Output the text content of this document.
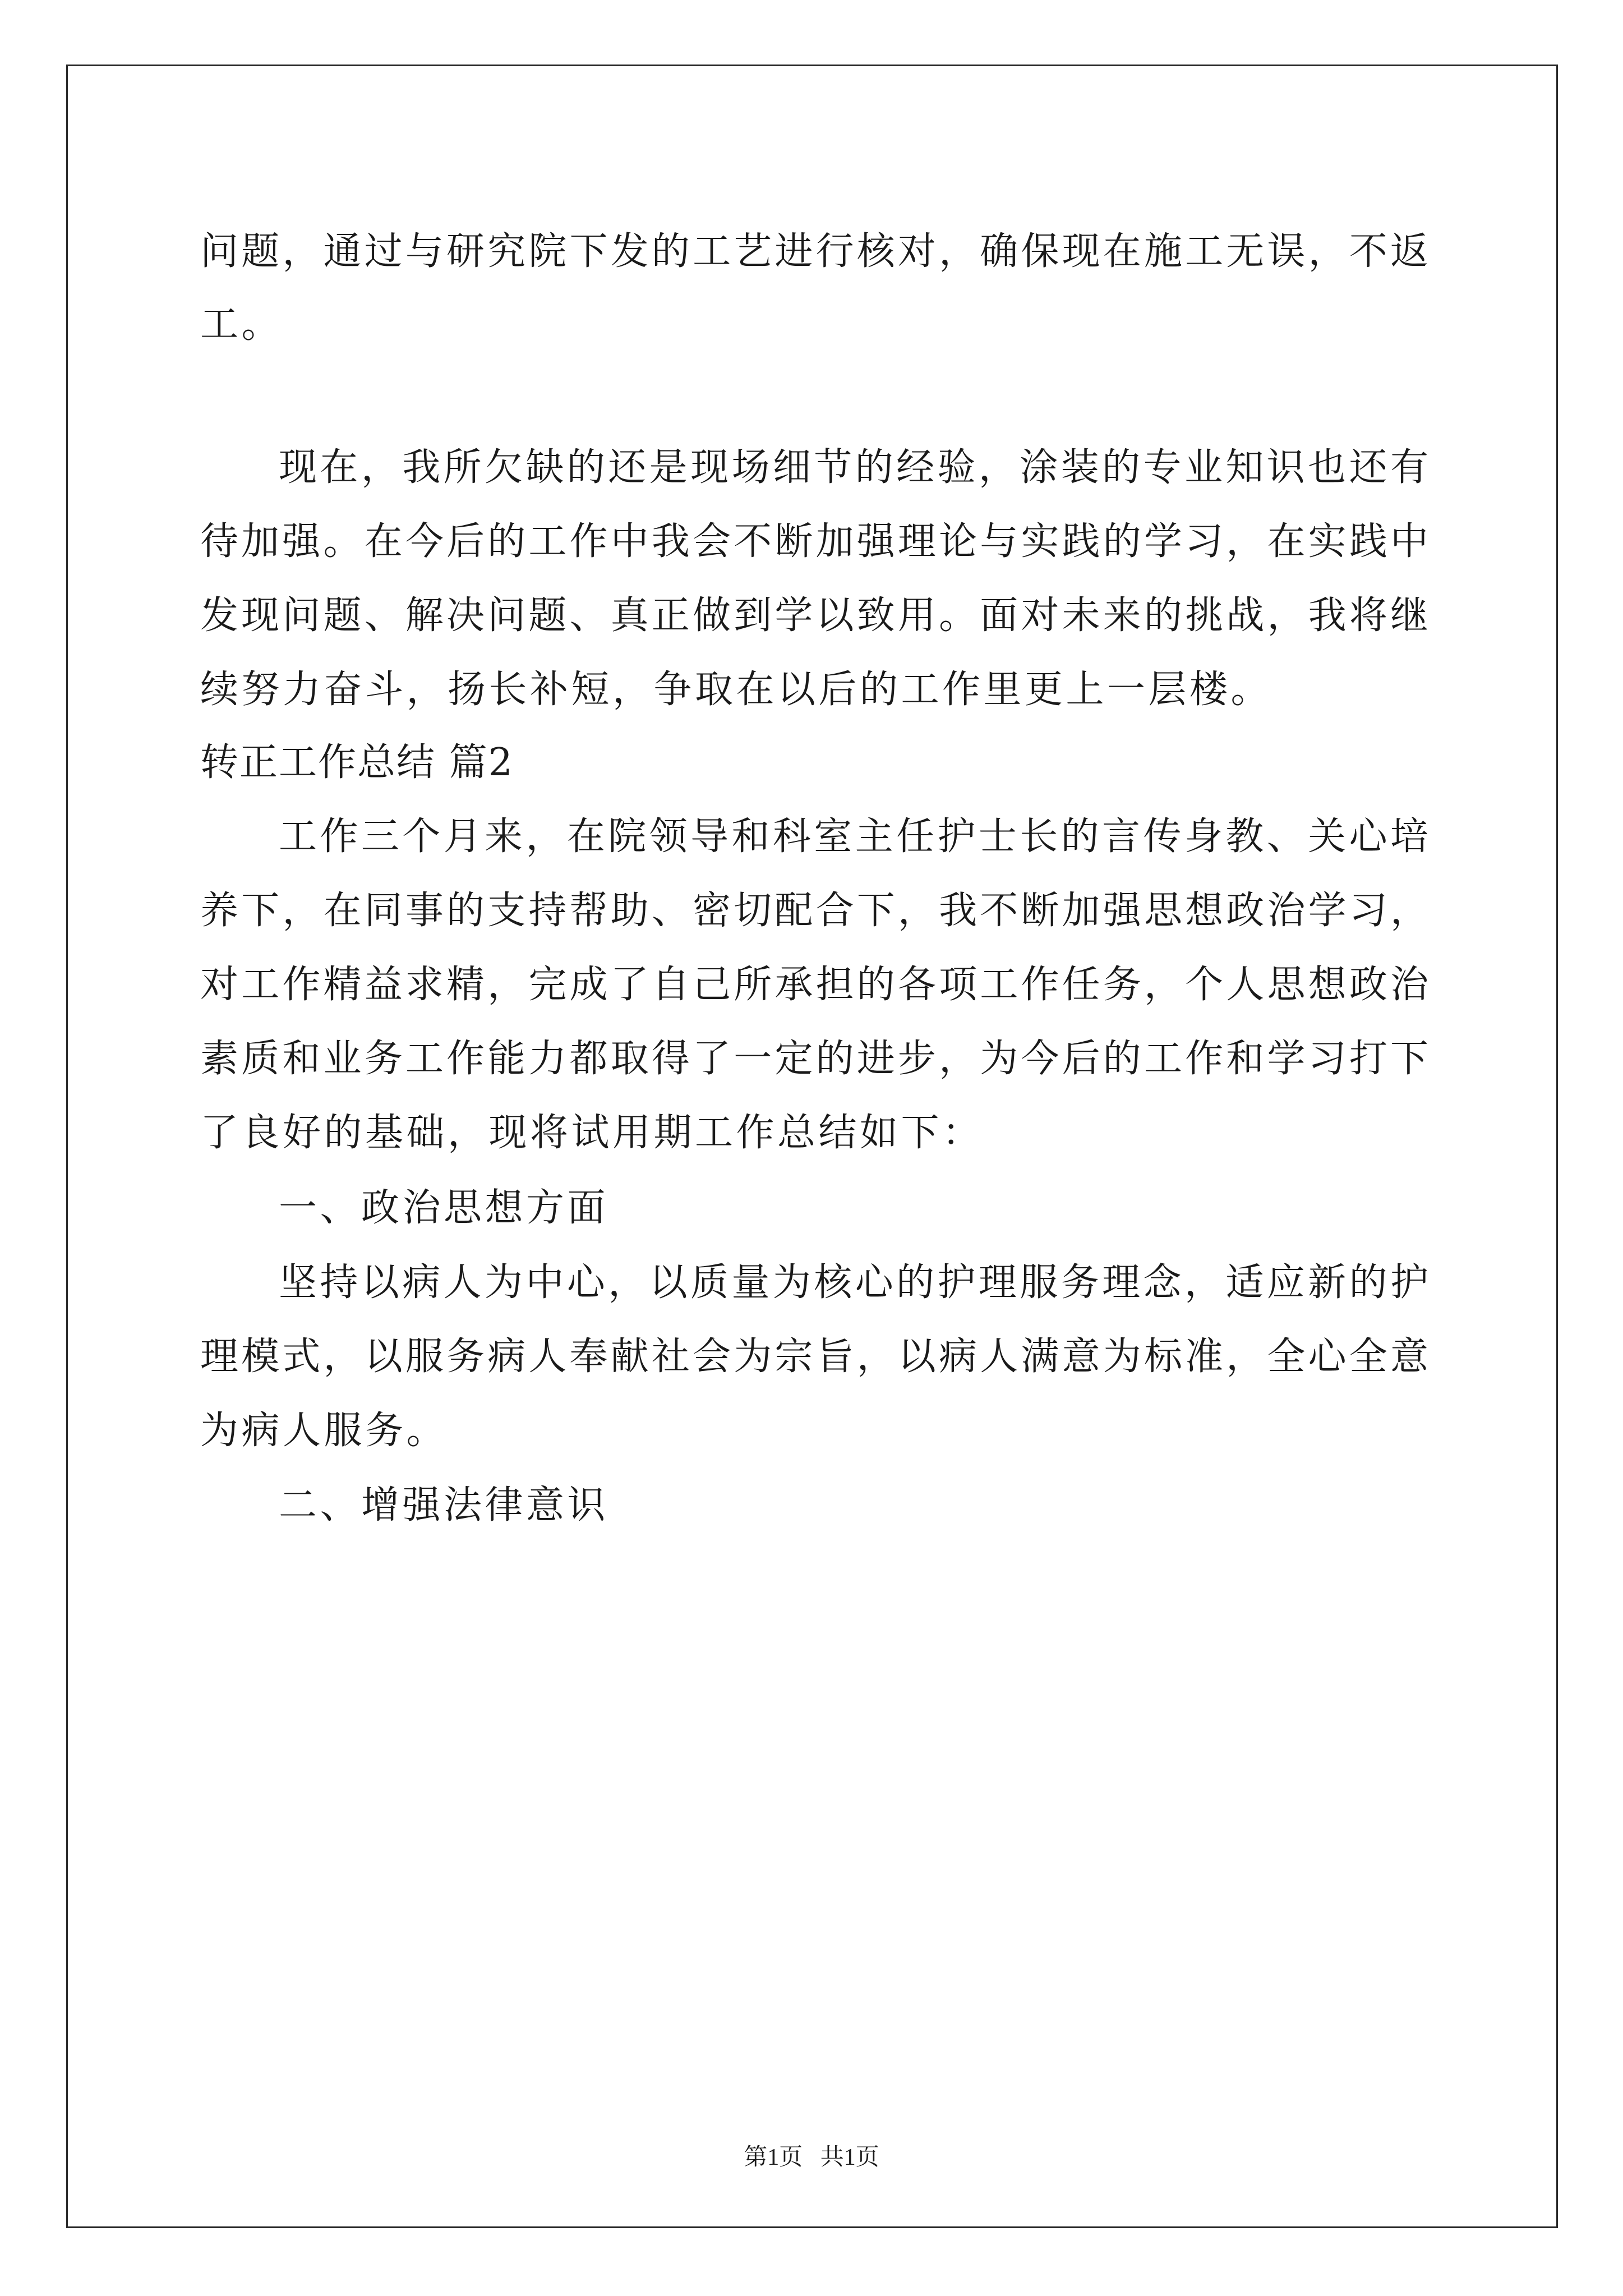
问题，通过与研究院下发的工艺进行核对，确保现在施工无误，不返
工。
现在，我所欠缺的还是现场细节的经验，涂装的专业知识也还有
待加强。在今后的工作中我会不断加强理论与实践的学习，在实践中
发现问题、解决问题、真正做到学以致用。面对未来的挑战，我将继
续努力奋斗，扬长补短，争取在以后的工作里更上一层楼。
转正工作总结 篇2
工作三个月来，在院领导和科室主任护士长的言传身教、关心培
养下，在同事的支持帮助、密切配合下，我不断加强思想政治学习，
对工作精益求精，完成了自己所承担的各项工作任务，个人思想政治
素质和业务工作能力都取得了一定的进步，为今后的工作和学习打下
了良好的基础，现将试用期工作总结如下：
一、政治思想方面
坚持以病人为中心，以质量为核心的护理服务理念，适应新的护
理模式，以服务病人奉献社会为宗旨，以病人满意为标准，全心全意
为病人服务。
二、增强法律意识
第1页   共1页
